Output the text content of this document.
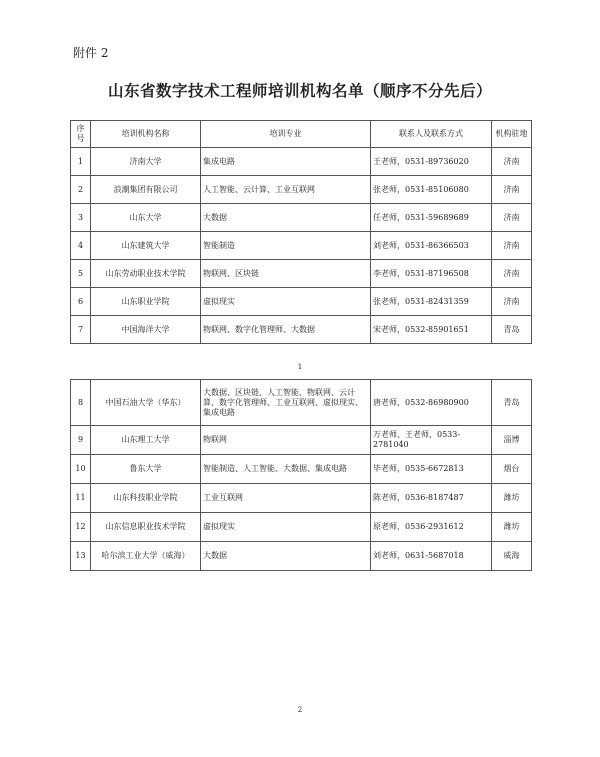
附件 2
山东省数字技术工程师培训机构名单（顺序不分先后）
序号	培训机构名称	培训专业	联系人及联系方式	机构驻地
1	济南大学	集成电路	王老师，0531-89736020	济南
2	浪潮集团有限公司	人工智能、云计算、工业互联网	张老师，0531-85106080	济南
3	山东大学	大数据	任老师，0531-59689689	济南
4	山东建筑大学	智能制造	刘老师，0531-86366503	济南
5	山东劳动职业技术学院	物联网、区块链	李老师，0531-87196508	济南
6	山东职业学院	虚拟现实	张老师，0531-82431359	济南
7	中国海洋大学	物联网、数字化管理师、大数据	宋老师，0532-85901651	青岛
1
8	中国石油大学（华东）	大数据、区块链、人工智能、物联网、云计算、数字化管理师、工业互联网、虚拟现实、集成电路	唐老师，0532-86980900	青岛
9	山东理工大学	物联网	万老师、王老师，0533-2781040	淄博
10	鲁东大学	智能制造、人工智能、大数据、集成电路	毕老师，0535-6672813	烟台
11	山东科技职业学院	工业互联网	陈老师，0536-8187487	潍坊
12	山东信息职业技术学院	虚拟现实	原老师，0536-2931612	潍坊
13	哈尔滨工业大学（威海）	大数据	刘老师，0631-5687018	威海
2
